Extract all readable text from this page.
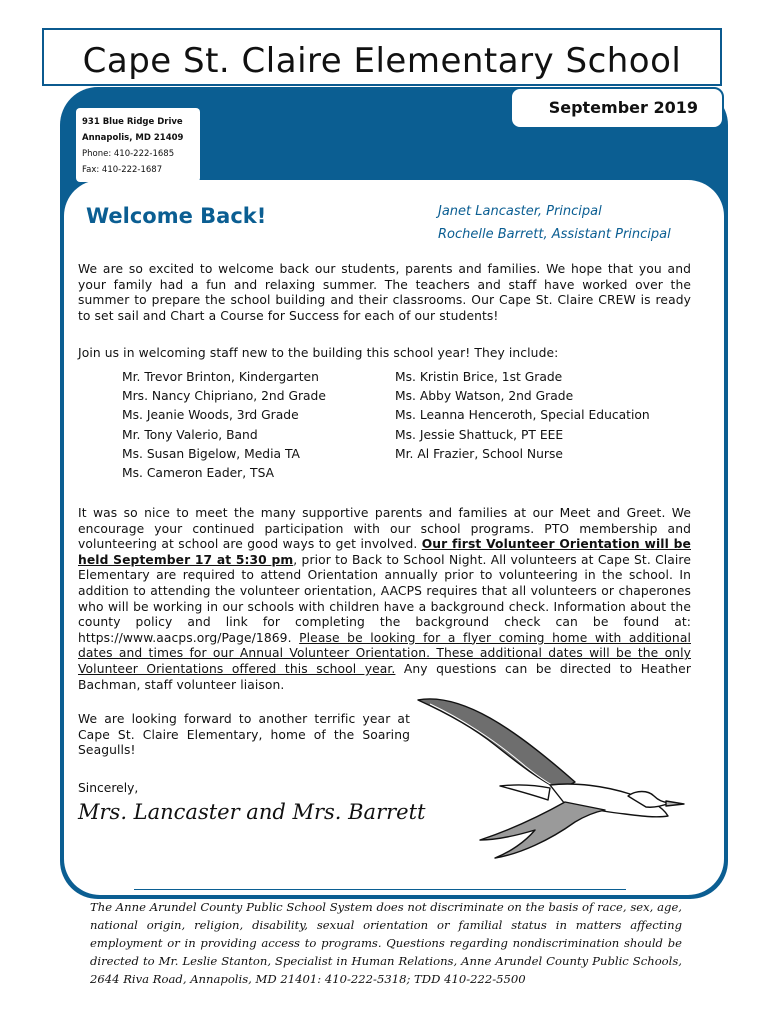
Cape St. Claire Elementary School
September 2019
931 Blue Ridge Drive
Annapolis, MD 21409
Phone: 410-222-1685
Fax: 410-222-1687
Welcome Back!	Janet Lancaster, Principal
Rochelle Barrett, Assistant Principal
We are so excited to welcome back our students, parents and families. We hope that you and your family had a fun and relaxing summer. The teachers and staff have worked over the summer to prepare the school building and their classrooms. Our Cape St. Claire CREW is ready to set sail and Chart a Course for Success for each of our students!
Join us in welcoming staff new to the building this school year! They include:
Mr. Trevor Brinton, Kindergarten
Mrs. Nancy Chipriano, 2nd Grade
Ms. Jeanie Woods, 3rd Grade
Mr. Tony Valerio, Band
Ms. Susan Bigelow, Media TA
Ms. Cameron Eader, TSA
Ms. Kristin Brice, 1st Grade
Ms. Abby Watson, 2nd Grade
Ms. Leanna Henceroth, Special Education
Ms. Jessie Shattuck, PT EEE
Mr. Al Frazier, School Nurse
It was so nice to meet the many supportive parents and families at our Meet and Greet. We encourage your continued participation with our school programs. PTO membership and volunteering at school are good ways to get involved. Our first Volunteer Orientation will be held September 17 at 5:30 pm, prior to Back to School Night. All volunteers at Cape St. Claire Elementary are required to attend Orientation annually prior to volunteering in the school. In addition to attending the volunteer orientation, AACPS requires that all volunteers or chaperones who will be working in our schools with children have a background check. Information about the county policy and link for completing the background check can be found at: https://www.aacps.org/Page/1869. Please be looking for a flyer coming home with additional dates and times for our Annual Volunteer Orientation. These additional dates will be the only Volunteer Orientations offered this school year. Any questions can be directed to Heather Bachman, staff volunteer liaison.
We are looking forward to another terrific year at Cape St. Claire Elementary, home of the Soaring Seagulls!
Sincerely,
Mrs. Lancaster and Mrs. Barrett
The Anne Arundel County Public School System does not discriminate on the basis of race, sex, age, national origin, religion, disability, sexual orientation or familial status in matters affecting employment or in providing access to programs. Questions regarding nondiscrimination should be directed to Mr. Leslie Stanton, Specialist in Human Relations, Anne Arundel County Public Schools, 2644 Riva Road, Annapolis, MD 21401: 410-222-5318; TDD 410-222-5500
